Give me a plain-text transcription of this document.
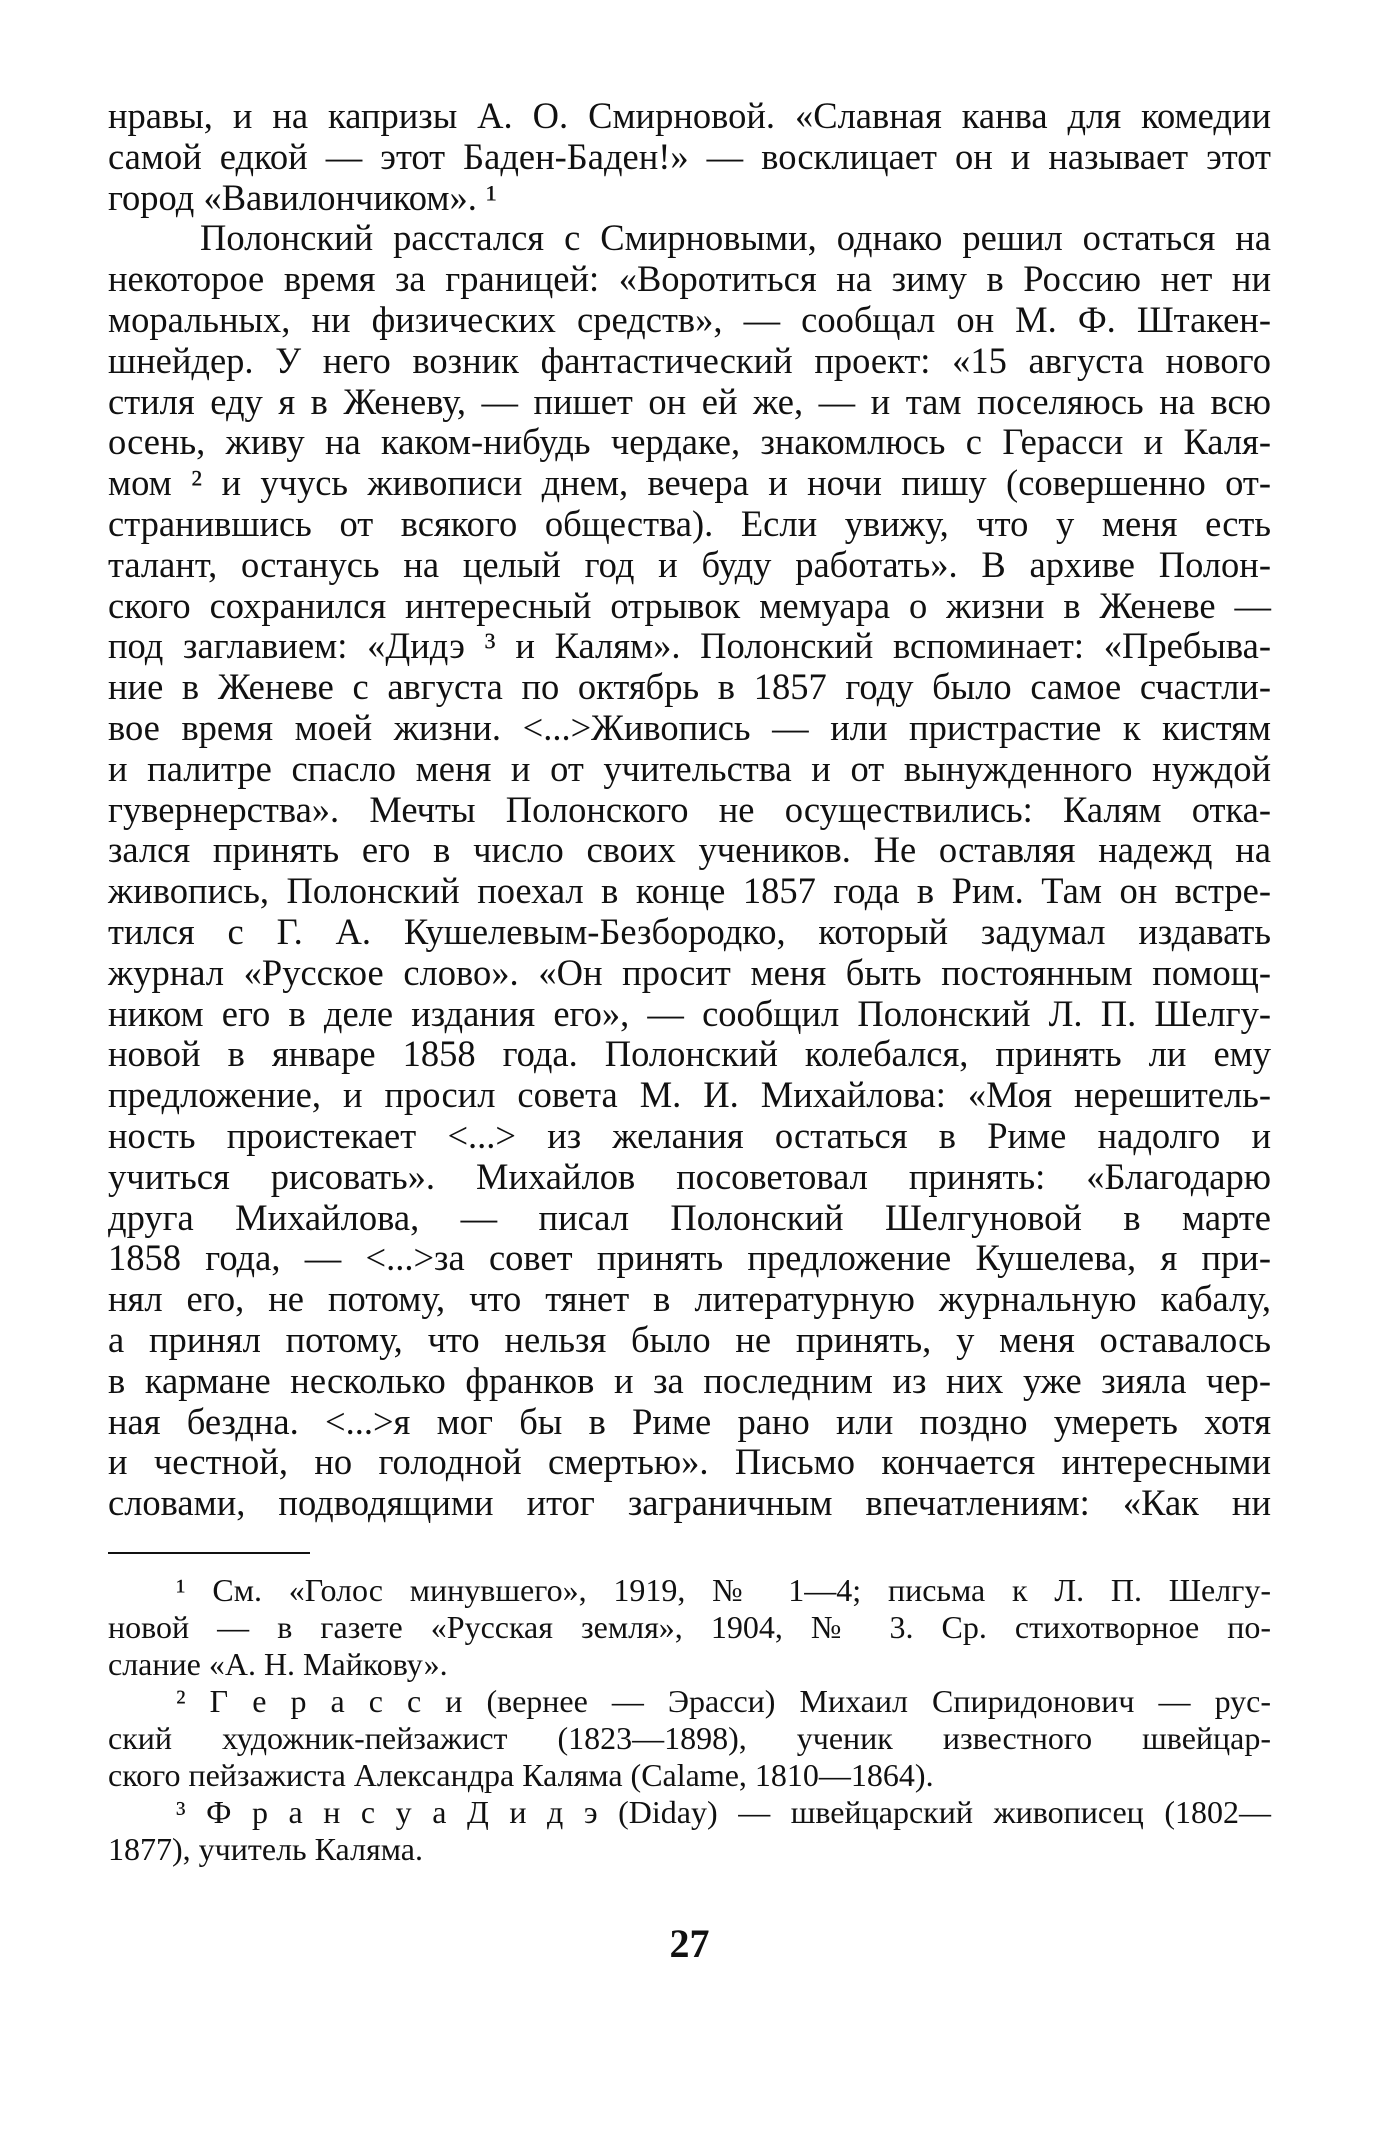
нравы, и на капризы А. О. Смирновой. «Славная канва для комедии
самой едкой — этот Баден-Баден!» — восклицает он и называет этот
город «Вавилончиком». ¹
Полонский расстался с Смирновыми, однако решил остаться на
некоторое время за границей: «Воротиться на зиму в Россию нет ни
моральных, ни физических средств», — сообщал он М. Ф. Штакен-
шнейдер. У него возник фантастический проект: «15 августа нового
стиля еду я в Женеву, — пишет он ей же, — и там поселяюсь на всю
осень, живу на каком-нибудь чердаке, знакомлюсь с Герасси и Каля-
мом ² и учусь живописи днем, вечера и ночи пишу (совершенно от-
странившись от всякого общества). Если увижу, что у меня есть
талант, останусь на целый год и буду работать». В архиве Полон-
ского сохранился интересный отрывок мемуара о жизни в Женеве —
под заглавием: «Дидэ ³ и Калям». Полонский вспоминает: «Пребыва-
ние в Женеве с августа по октябрь в 1857 году было самое счастли-
вое время моей жизни. <...>Живопись — или пристрастие к кистям
и палитре спасло меня и от учительства и от вынужденного нуждой
гувернерства». Мечты Полонского не осуществились: Калям отка-
зался принять его в число своих учеников. Не оставляя надежд на
живопись, Полонский поехал в конце 1857 года в Рим. Там он встре-
тился с Г. А. Кушелевым-Безбородко, который задумал издавать
журнал «Русское слово». «Он просит меня быть постоянным помощ-
ником его в деле издания его», — сообщил Полонский Л. П. Шелгу-
новой в январе 1858 года. Полонский колебался, принять ли ему
предложение, и просил совета М. И. Михайлова: «Моя нерешитель-
ность проистекает <...> из желания остаться в Риме надолго и
учиться рисовать». Михайлов посоветовал принять: «Благодарю
друга Михайлова, — писал Полонский Шелгуновой в марте
1858 года, — <...>за совет принять предложение Кушелева, я при-
нял его, не потому, что тянет в литературную журнальную кабалу,
а принял потому, что нельзя было не принять, у меня оставалось
в кармане несколько франков и за последним из них уже зияла чер-
ная бездна. <...>я мог бы в Риме рано или поздно умереть хотя
и честной, но голодной смертью». Письмо кончается интересными
словами, подводящими итог заграничным впечатлениям: «Как ни
¹ См. «Голос минувшего», 1919, № 1—4; письма к Л. П. Шелгу-
новой — в газете «Русская земля», 1904, № 3. Ср. стихотворное по-
слание «А. Н. Майкову».
² Г е р а с с и (вернее — Эрасси) Михаил Спиридонович — рус-
ский художник-пейзажист (1823—1898), ученик известного швейцар-
ского пейзажиста Александра Каляма (Calame, 1810—1864).
³ Ф р а н с у а Д и д э (Diday) — швейцарский живописец (1802—
1877), учитель Каляма.
27
